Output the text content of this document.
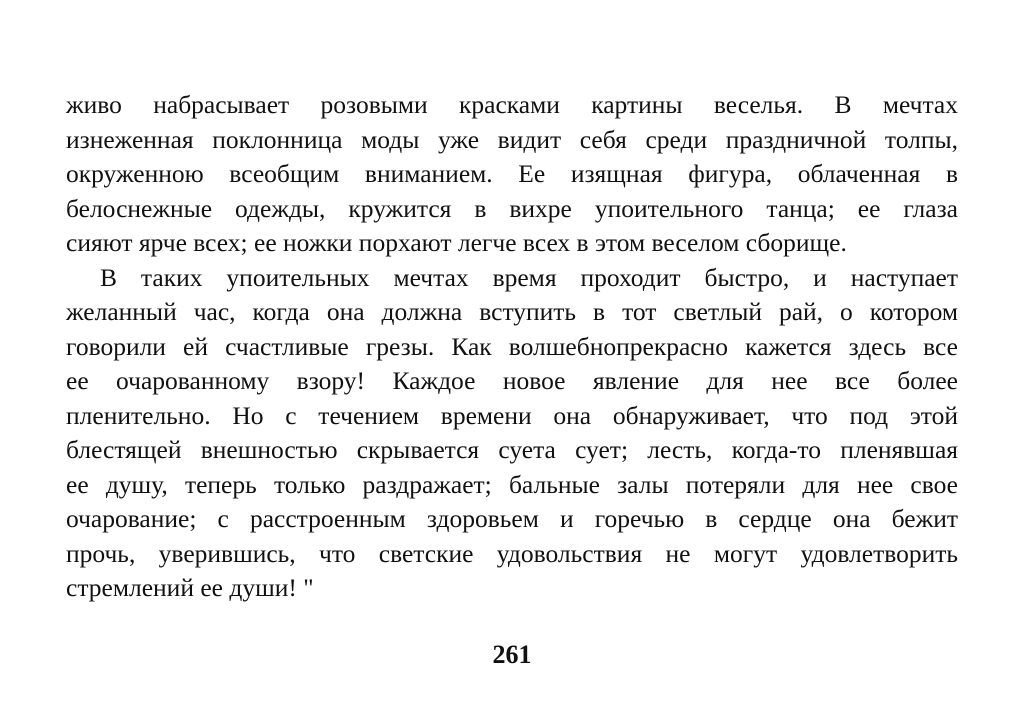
живо набрасывает розовыми красками картины веселья. В мечтах
изнеженная поклонница моды уже видит себя среди праздничной толпы,
окруженною всеобщим вниманием. Ее изящная фигура, облаченная в
белоснежные одежды, кружится в вихре упоительного танца; ее глаза
сияют ярче всех; ее ножки порхают легче всех в этом веселом сборище.
В таких упоительных мечтах время проходит быстро, и наступает
желанный час, когда она должна вступить в тот светлый рай, о котором
говорили ей счастливые грезы. Как волшебнопрекрасно кажется здесь все
ее очарованному взору! Каждое новое явление для нее все более
пленительно. Но с течением времени она обнаруживает, что под этой
блестящей внешностью скрывается суета сует; лесть, когда-то пленявшая
ее душу, теперь только раздражает; бальные залы потеряли для нее свое
очарование; с расстроенным здоровьем и горечью в сердце она бежит
прочь, уверившись, что светские удовольствия не могут удовлетворить
стремлений ее души! "
261
